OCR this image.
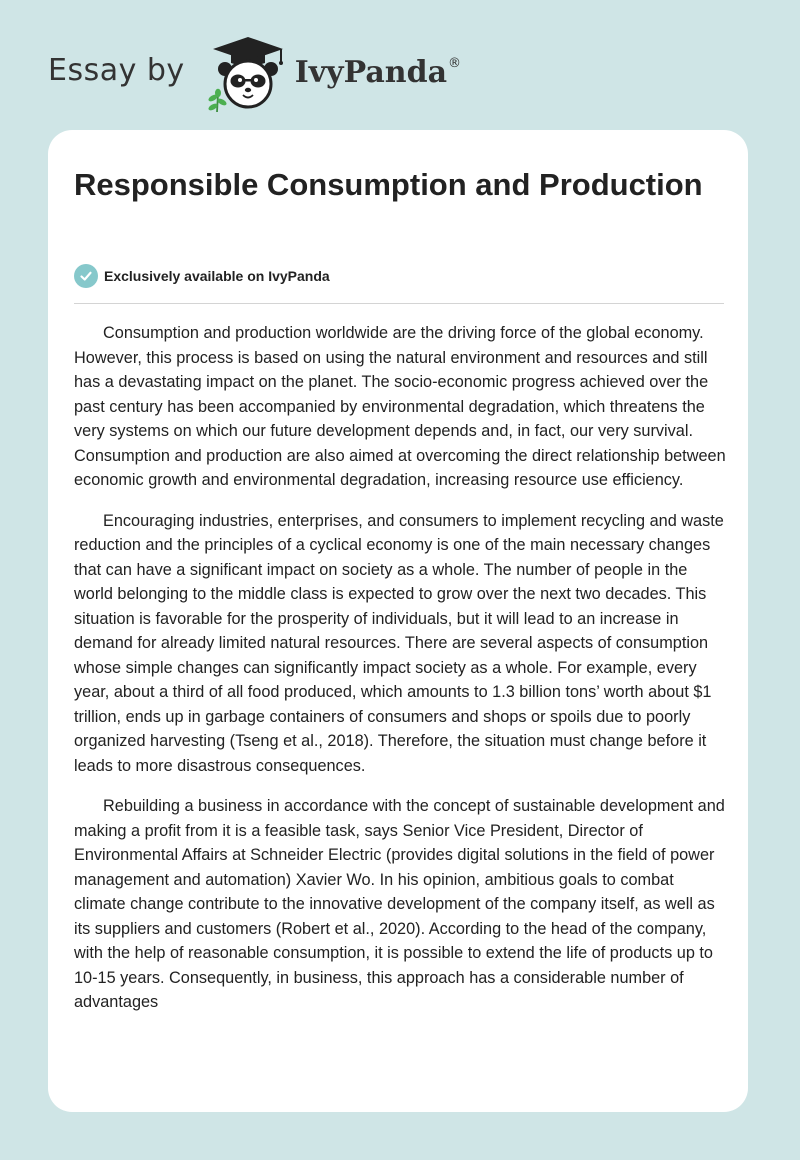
Essay by	IvyPanda ®
Responsible Consumption and Production
Exclusively available on IvyPanda

Consumption and production worldwide are the driving force of the global economy. However, this process is based on using the natural environment and resources and still has a devastating impact on the planet. The socio-economic progress achieved over the past century has been accompanied by environmental degradation, which threatens the very systems on which our future development depends and, in fact, our very survival. Consumption and production are also aimed at overcoming the direct relationship between economic growth and environmental degradation, increasing resource use efficiency.

Encouraging industries, enterprises, and consumers to implement recycling and waste reduction and the principles of a cyclical economy is one of the main necessary changes that can have a significant impact on society as a whole. The number of people in the world belonging to the middle class is expected to grow over the next two decades. This situation is favorable for the prosperity of individuals, but it will lead to an increase in demand for already limited natural resources. There are several aspects of consumption whose simple changes can significantly impact society as a whole. For example, every year, about a third of all food produced, which amounts to 1.3 billion tons’ worth about $1 trillion, ends up in garbage containers of consumers and shops or spoils due to poorly organized harvesting (Tseng et al., 2018). Therefore, the situation must change before it leads to more disastrous consequences.

Rebuilding a business in accordance with the concept of sustainable development and making a profit from it is a feasible task, says Senior Vice President, Director of Environmental Affairs at Schneider Electric (provides digital solutions in the field of power management and automation) Xavier Wo. In his opinion, ambitious goals to combat climate change contribute to the innovative development of the company itself, as well as its suppliers and customers (Robert et al., 2020). According to the head of the company, with the help of reasonable consumption, it is possible to extend the life of products up to 10-15 years. Consequently, in business, this approach has a considerable number of advantages
